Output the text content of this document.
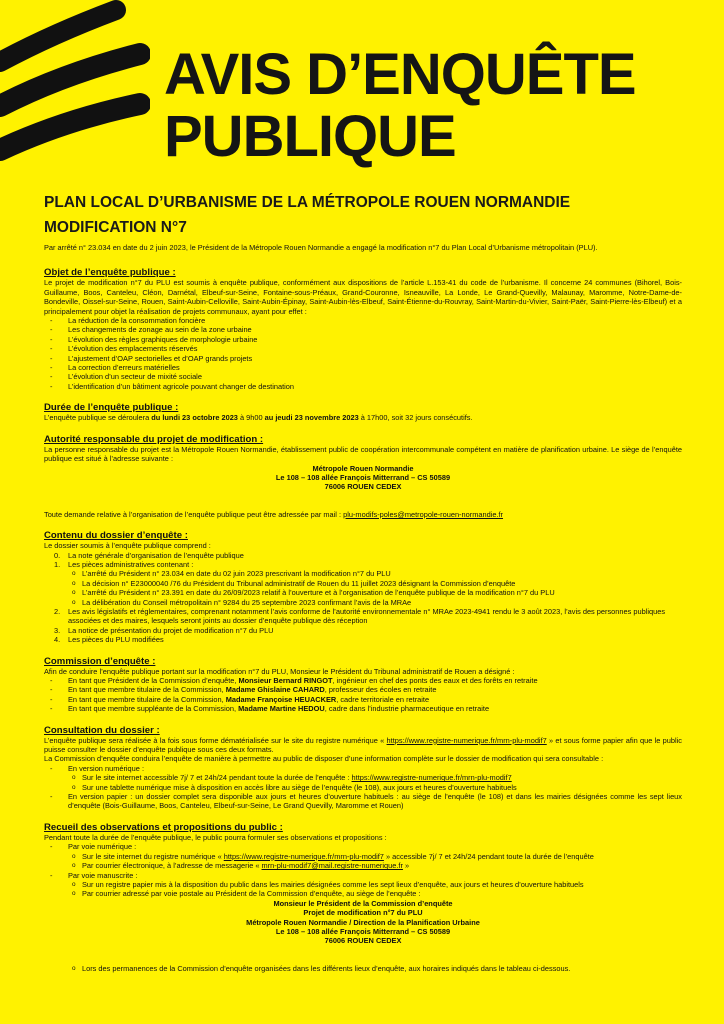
AVIS D’ENQUÊTE
PUBLIQUE
PLAN LOCAL D’URBANISME DE LA MÉTROPOLE ROUEN NORMANDIE
MODIFICATION N°7

Par arrêté n° 23.034 en date du 2 juin 2023, le Président de la Métropole Rouen Normandie a engagé la modification n°7 du Plan Local d’Urbanisme métropolitain (PLU).

Objet de l’enquête publique :

Le projet de modification n°7 du PLU est soumis à enquête publique, conformément aux dispositions de l’article L.153-41 du code de l’urbanisme. Il concerne 24 communes (Bihorel, Bois-Guillaume, Boos, Canteleu, Cléon, Darnétal, Elbeuf-sur-Seine, Fontaine-sous-Préaux, Grand-Couronne, Isneauville, La Londe, Le Grand-Quevilly, Malaunay, Maromme, Notre-Dame-de-Bondeville, Oissel-sur-Seine, Rouen, Saint-Aubin-Celloville, Saint-Aubin-Épinay, Saint-Aubin-lès-Elbeuf, Saint-Étienne-du-Rouvray, Saint-Martin-du-Vivier, Saint-Paër, Saint-Pierre-lès-Elbeuf) et a principalement pour objet la réalisation de projets communaux, ayant pour effet :

- La réduction de la consommation foncière
- Les changements de zonage au sein de la zone urbaine
- L’évolution des règles graphiques de morphologie urbaine
- L’évolution des emplacements réservés
- L’ajustement d’OAP sectorielles et d’OAP grands projets
- La correction d’erreurs matérielles
- L’évolution d’un secteur de mixité sociale
- L’identification d’un bâtiment agricole pouvant changer de destination
Durée de l’enquête publique :

L’enquête publique se déroulera du lundi 23 octobre 2023 à 9h00 au jeudi 23 novembre 2023 à 17h00, soit 32 jours consécutifs.

Autorité responsable du projet de modification :

La personne responsable du projet est la Métropole Rouen Normandie, établissement public de coopération intercommunale compétent en matière de planification urbaine. Le siège de l’enquête publique est situé à l’adresse suivante :

Métropole Rouen Normandie

Le 108 – 108 allée François Mitterrand – CS 50589

76006 ROUEN CEDEX

Toute demande relative à l’organisation de l’enquête publique peut être adressée par mail : plu-modifs-poles@metropole-rouen-normandie.fr

Contenu du dossier d’enquête :

Le dossier soumis à l’enquête publique comprend :

0. La note générale d’organisation de l’enquête publique
1. Les pièces administratives contenant :
o L’arrêté du Président n° 23.034 en date du 02 juin 2023 prescrivant la modification n°7 du PLU
o La décision n° E23000040 /76 du Président du Tribunal administratif de Rouen du 11 juillet 2023 désignant la Commission d’enquête
o L’arrêté du Président n° 23.391 en date du 26/09/2023 relatif à l’ouverture et à l’organisation de l’enquête publique de la modification n°7 du PLU
o La délibération du Conseil métropolitain n° 9284 du 25 septembre 2023 confirmant l’avis de la MRAe
2. Les avis législatifs et réglementaires, comprenant notamment l’avis conforme de l’autorité environnementale n° MRAe 2023-4941 rendu le 3 août 2023, l’avis des personnes publiques associées et des maires, lesquels seront joints au dossier d’enquête publique dès réception
3. La notice de présentation du projet de modification n°7 du PLU
4. Les pièces du PLU modifiées
Commission d’enquête :

Afin de conduire l’enquête publique portant sur la modification n°7 du PLU, Monsieur le Président du Tribunal administratif de Rouen a désigné :

- En tant que Président de la Commission d’enquête, Monsieur Bernard RINGOT, ingénieur en chef des ponts des eaux et des forêts en retraite
- En tant que membre titulaire de la Commission, Madame Ghislaine CAHARD, professeur des écoles en retraite
- En tant que membre titulaire de la Commission, Madame Françoise HEUACKER, cadre territoriale en retraite
- En tant que membre suppléante de la Commission, Madame Martine HEDOU, cadre dans l’industrie pharmaceutique en retraite
Consultation du dossier :

L’enquête publique sera réalisée à la fois sous forme dématérialisée sur le site du registre numérique « https://www.registre-numerique.fr/mrn-plu-modif7 » et sous forme papier afin que le public puisse consulter le dossier d’enquête publique sous ces deux formats.

La Commission d’enquête conduira l’enquête de manière à permettre au public de disposer d’une information complète sur le dossier de modification qui sera consultable :

- En version numérique :
o Sur le site internet accessible 7j/ 7 et 24h/24 pendant toute la durée de l’enquête : https://www.registre-numerique.fr/mrn-plu-modif7
o Sur une tablette numérique mise à disposition en accès libre au siège de l’enquête (le 108), aux jours et heures d’ouverture habituels
- En version papier : un dossier complet sera disponible aux jours et heures d’ouverture habituels : au siège de l’enquête (le 108) et dans les mairies désignées comme les sept lieux d’enquête (Bois-Guillaume, Boos, Canteleu, Elbeuf-sur-Seine, Le Grand Quevilly, Maromme et Rouen)
Recueil des observations et propositions du public :

Pendant toute la durée de l’enquête publique, le public pourra formuler ses observations et propositions :

- Par voie numérique :
o Sur le site internet du registre numérique « https://www.registre-numerique.fr/mrn-plu-modif7 » accessible 7j/ 7 et 24h/24 pendant toute la durée de l’enquête
o Par courrier électronique, à l’adresse de messagerie « mrn-plu-modif7@mail.registre-numerique.fr »
- Par voie manuscrite :
o Sur un registre papier mis à la disposition du public dans les mairies désignées comme les sept lieux d’enquête, aux jours et heures d’ouverture habituels
o Par courrier adressé par voie postale au Président de la Commission d’enquête, au siège de l’enquête :

Monsieur le Président de la Commission d’enquête

Projet de modification n°7 du PLU

Métropole Rouen Normandie / Direction de la Planification Urbaine

Le 108 – 108 allée François Mitterrand – CS 50589

76006 ROUEN CEDEX

o Lors des permanences de la Commission d’enquête organisées dans les différents lieux d’enquête, aux horaires indiqués dans le tableau ci-dessous.
